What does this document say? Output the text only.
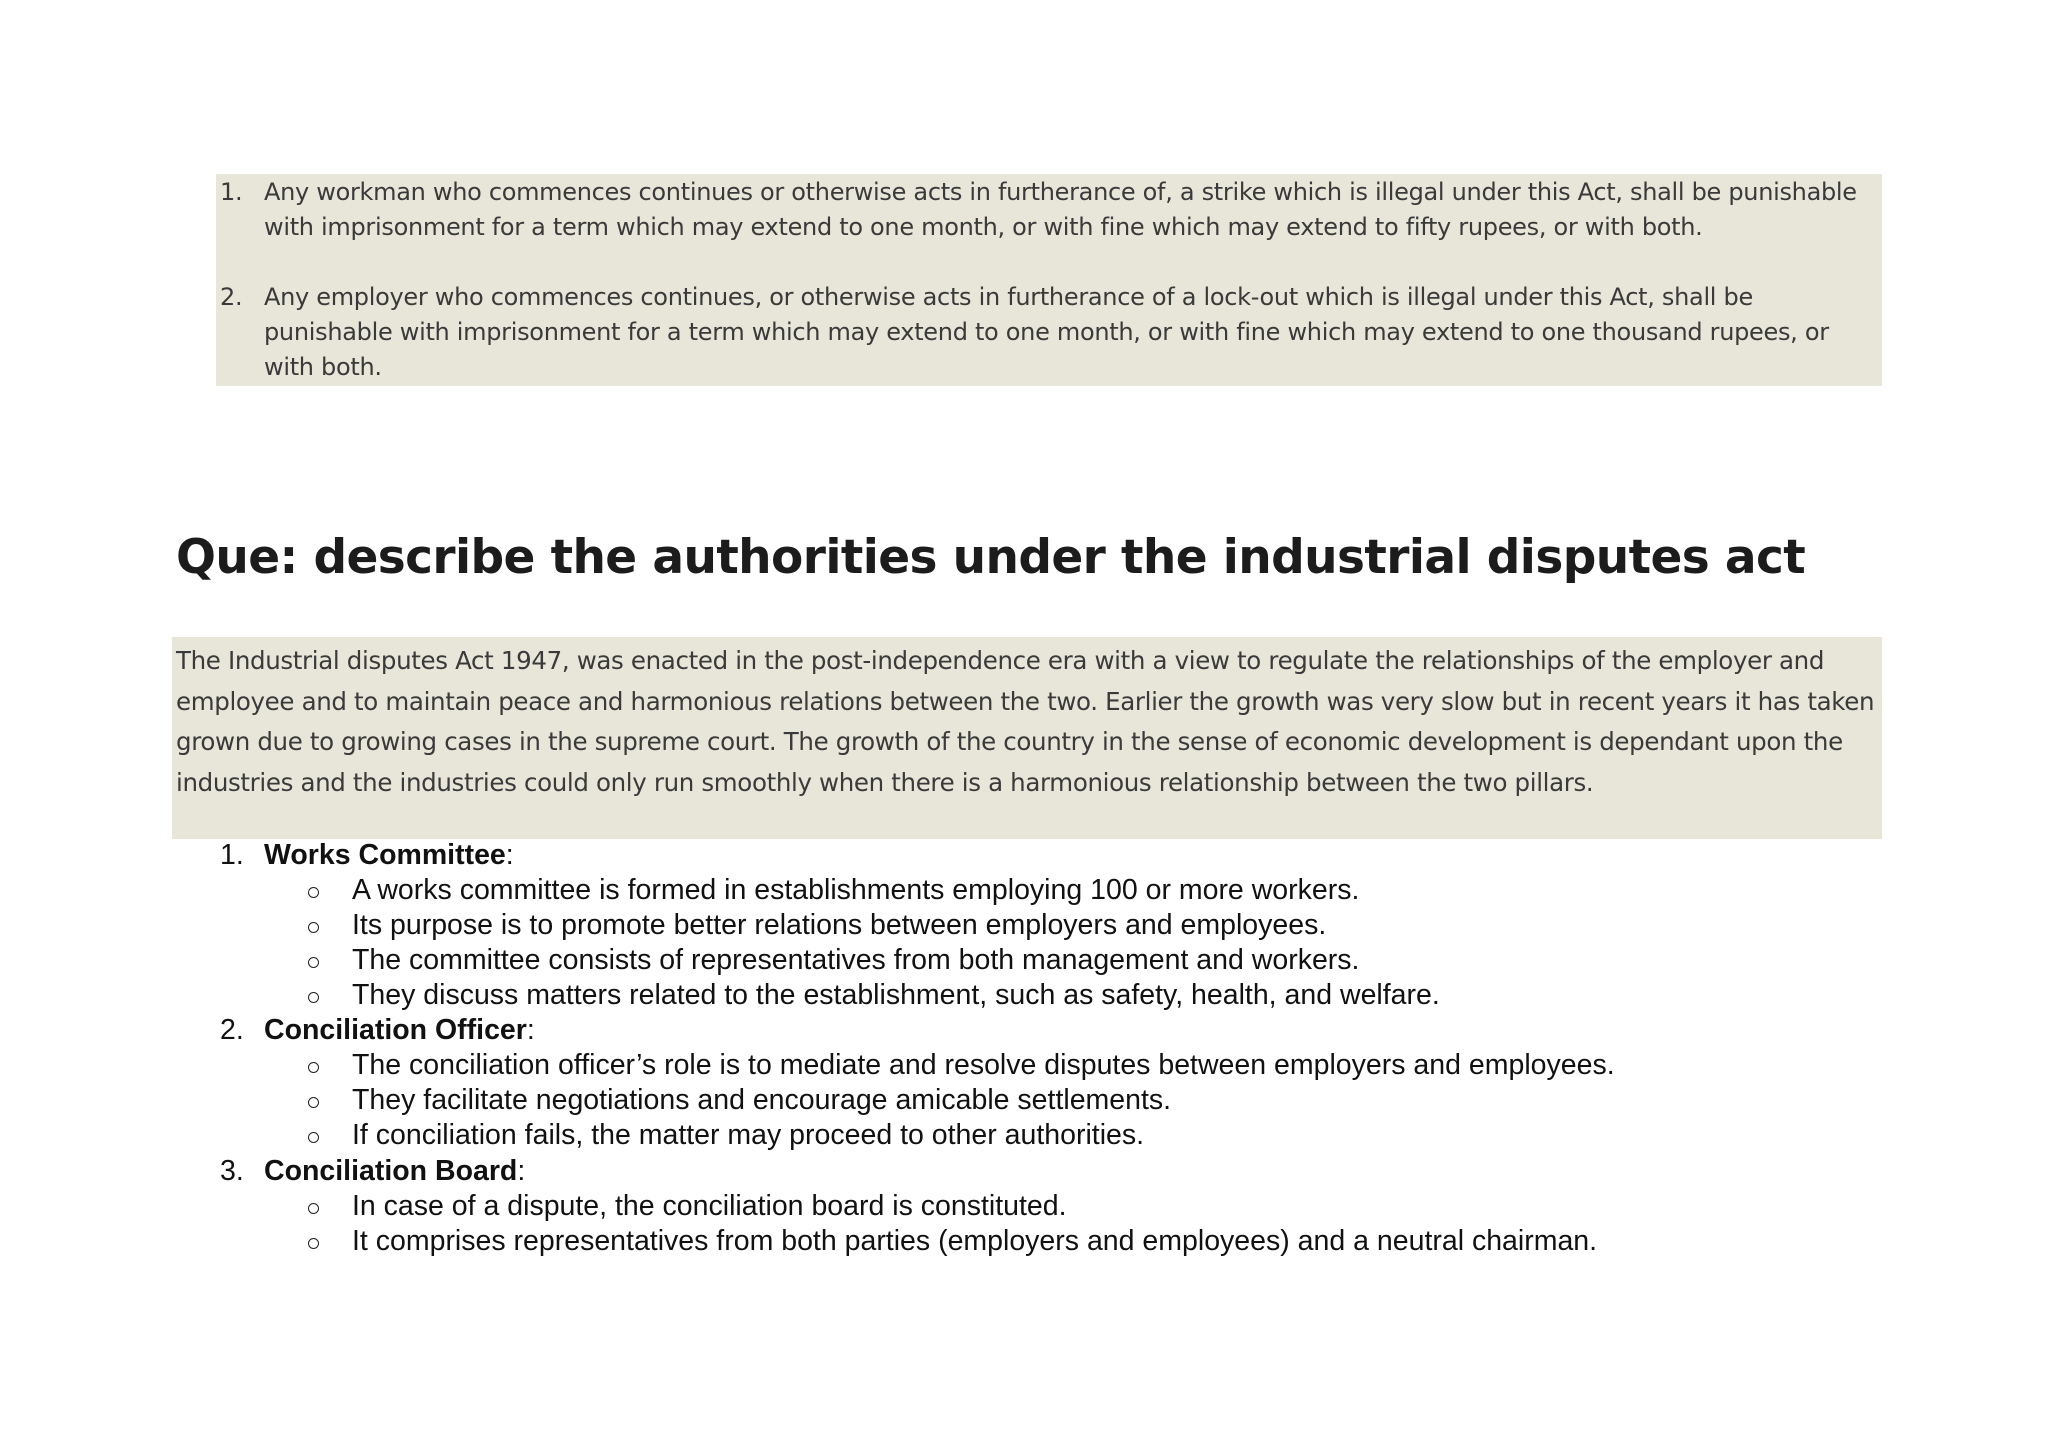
1. Any workman who commences continues or otherwise acts in furtherance of, a strike which is illegal under this Act, shall be punishable with imprisonment for a term which may extend to one month, or with fine which may extend to fifty rupees, or with both.
2. Any employer who commences continues, or otherwise acts in furtherance of a lock-out which is illegal under this Act, shall be punishable with imprisonment for a term which may extend to one month, or with fine which may extend to one thousand rupees, or with both.
Que: describe the authorities under the industrial disputes act

The Industrial disputes Act 1947, was enacted in the post-independence era with a view to regulate the relationships of the employer and employee and to maintain peace and harmonious relations between the two. Earlier the growth was very slow but in recent years it has taken grown due to growing cases in the supreme court. The growth of the country in the sense of economic development is dependant upon the industries and the industries could only run smoothly when there is a harmonious relationship between the two pillars.

1. Works Committee:
A works committee is formed in establishments employing 100 or more workers.
Its purpose is to promote better relations between employers and employees.
The committee consists of representatives from both management and workers.
They discuss matters related to the establishment, such as safety, health, and welfare.
2. Conciliation Officer:
The conciliation officer’s role is to mediate and resolve disputes between employers and employees.
They facilitate negotiations and encourage amicable settlements.
If conciliation fails, the matter may proceed to other authorities.
3. Conciliation Board:
In case of a dispute, the conciliation board is constituted.
It comprises representatives from both parties (employers and employees) and a neutral chairman.
